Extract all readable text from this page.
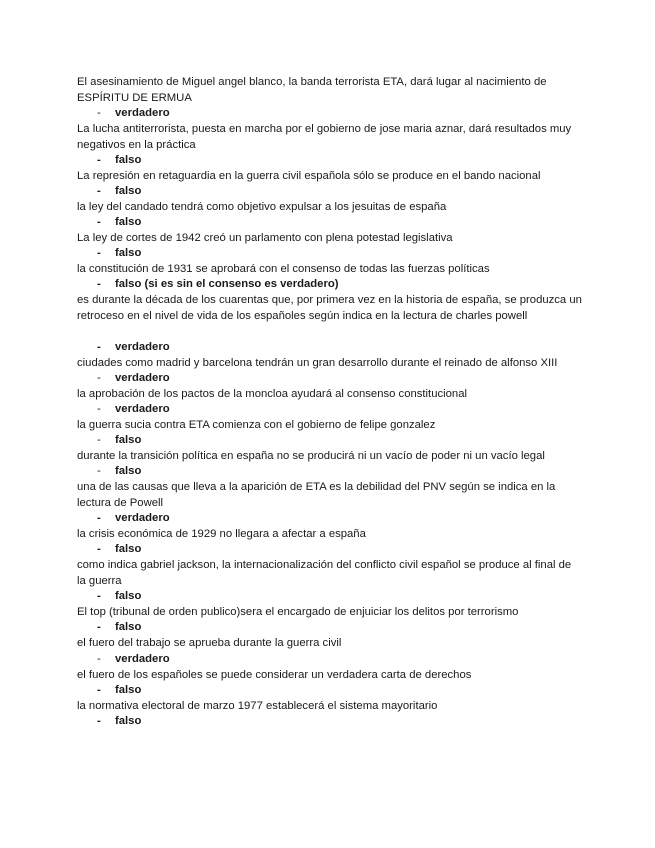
El asesinamiento de Miguel angel blanco, la banda terrorista ETA, dará lugar al nacimiento de ESPÍRITU DE ERMUA
- verdadero
La lucha antiterrorista, puesta en marcha por el gobierno de jose maria aznar, dará resultados muy negativos en la práctica
- falso
La represión en retaguardia en la guerra civil española sólo se produce en el bando nacional
- falso
la ley del candado tendrá como objetivo expulsar a los jesuitas de españa
- falso
La ley de cortes de 1942 creó un parlamento con plena potestad legislativa
- falso
la constitución de 1931 se aprobará con el consenso de todas las fuerzas políticas
- falso (si es sin el consenso es verdadero)
es durante la década de los cuarentas que, por primera vez en la historia de españa, se produzca un retroceso en el nivel de vida de los españoles según indica en la lectura de charles powell
- verdadero
ciudades como madrid y barcelona tendrán un gran desarrollo durante el reinado de alfonso XIII
- verdadero
la aprobación de los pactos de la moncloa ayudará al consenso constitucional
- verdadero
la guerra sucia contra ETA comienza con el gobierno de felipe gonzalez
- falso
durante la transición política en españa no se producirá ni un vacío de poder ni un vacío legal
- falso
una de las causas que lleva a la aparición de ETA es la debilidad del PNV según se indica en la lectura de Powell
- verdadero
la crisis económica de 1929 no llegara a afectar a españa
- falso
como indica gabriel jackson, la internacionalización del conflicto civil español se produce al final de la guerra
- falso
El top (tribunal de orden publico)sera el encargado de enjuiciar los delitos por terrorismo
- falso
el fuero del trabajo se aprueba durante la guerra civil
- verdadero
el fuero de los españoles se puede considerar un verdadera carta de derechos
- falso
la normativa electoral de marzo 1977 establecerá el sistema mayoritario
- falso
